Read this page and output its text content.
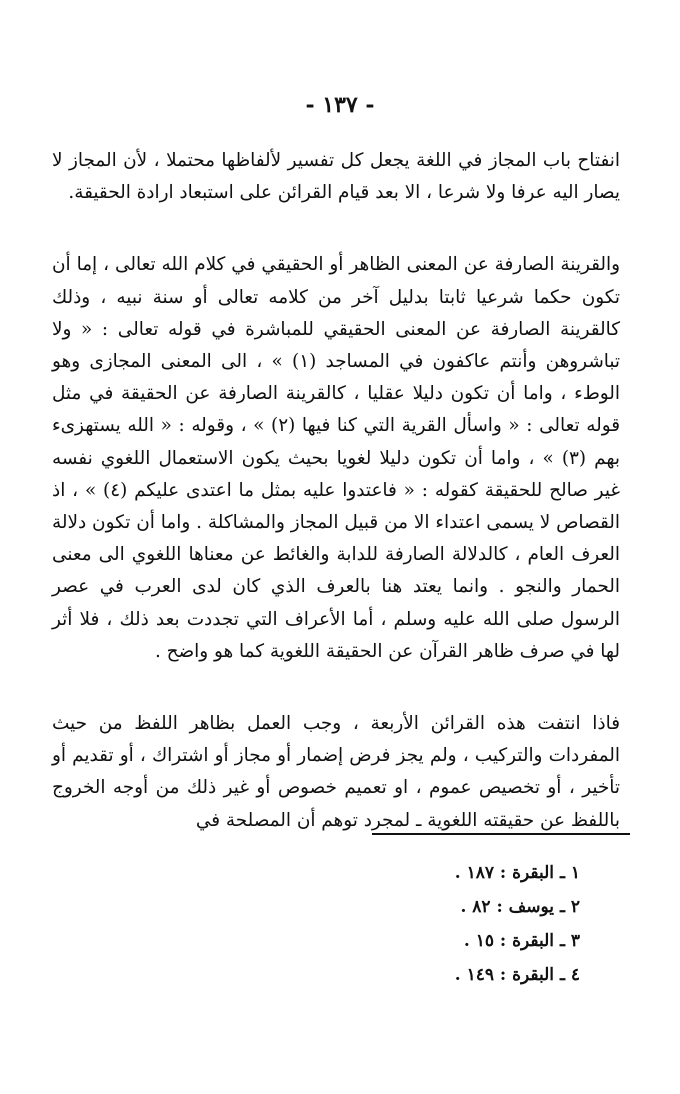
- ١٣٧ -

انفتاح باب المجاز في اللغة يجعل كل تفسير لألفاظها محتملا ، لأن المجاز لا يصار اليه عرفا ولا شرعا ، الا بعد قيام القرائن على استبعاد ارادة الحقيقة.

والقرينة الصارفة عن المعنى الظاهر أو الحقيقي في كلام الله تعالى ، إما أن تكون حكما شرعيا ثابتا بدليل آخر من كلامه تعالى أو سنة نبيه ، وذلك كالقرينة الصارفة عن المعنى الحقيقي للمباشرة في قوله تعالى : « ولا تباشروهن وأنتم عاكفون في المساجد (١) » ، الى المعنى المجازى وهو الوطء ، واما أن تكون دليلا عقليا ، كالقرينة الصارفة عن الحقيقة في مثل قوله تعالى : « واسأل القرية التي كنا فيها (٢) » ، وقوله : « الله يستهزىء بهم (٣) » ، واما أن تكون دليلا لغويا بحيث يكون الاستعمال اللغوي نفسه غير صالح للحقيقة كقوله : « فاعتدوا عليه بمثل ما اعتدى عليكم (٤) » ، اذ القصاص لا يسمى اعتداء الا من قبيل المجاز والمشاكلة . واما أن تكون دلالة العرف العام ، كالدلالة الصارفة للدابة والغائط عن معناها اللغوي الى معنى الحمار والنجو . وانما يعتد هنا بالعرف الذي كان لدى العرب في عصر الرسول صلى الله عليه وسلم ، أما الأعراف التي تجددت بعد ذلك ، فلا أثر لها في صرف ظاهر القرآن عن الحقيقة اللغوية كما هو واضح .

فاذا انتفت هذه القرائن الأربعة ، وجب العمل بظاهر اللفظ من حيث المفردات والتركيب ، ولم يجز فرض إضمار أو مجاز أو اشتراك ، أو تقديم أو تأخير ، أو تخصيص عموم ، او تعميم خصوص أو غير ذلك من أوجه الخروج باللفظ عن حقيقته اللغوية ـ لمجرد توهم أن المصلحة في

١ ـ البقرة : ١٨٧ .
٢ ـ يوسف : ٨٢ .
٣ ـ البقرة : ١٥ .
٤ ـ البقرة : ١٤٩ .
